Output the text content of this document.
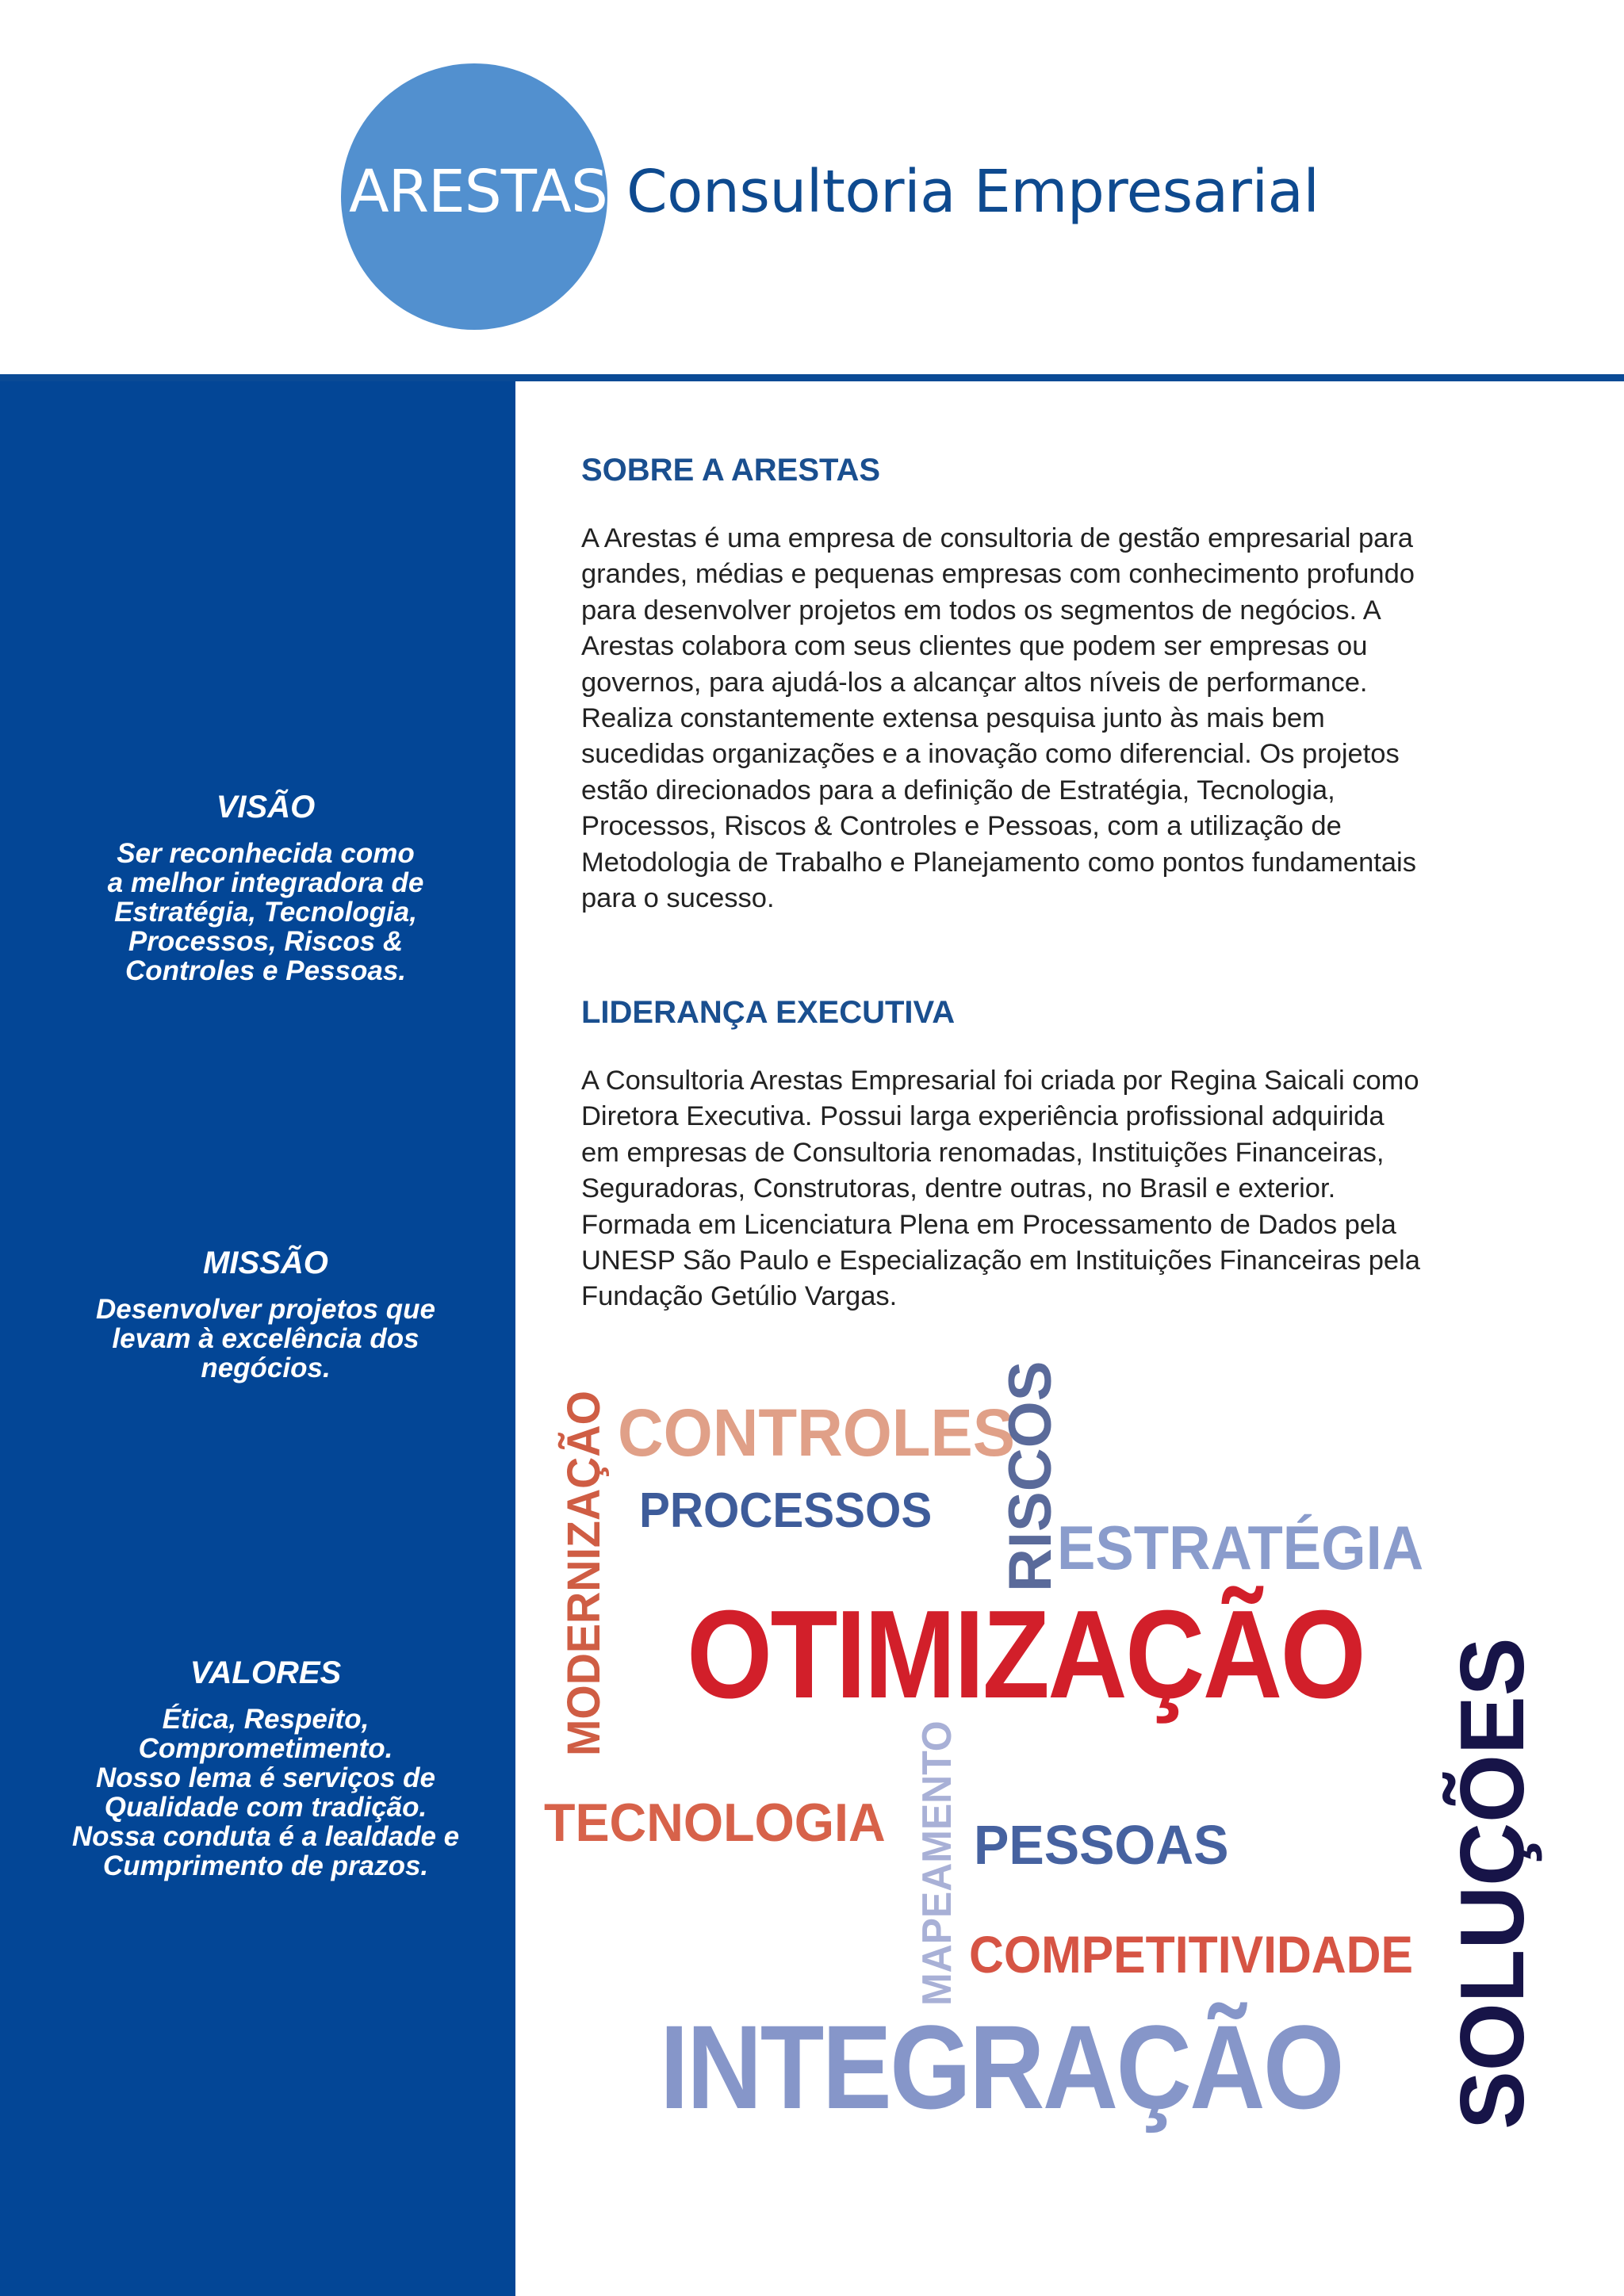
ARESTAS Consultoria Empresarial
VISÃO

Ser reconhecida como
a melhor integradora de
Estratégia, Tecnologia,
Processos, Riscos &
Controles e Pessoas.

MISSÃO

Desenvolver projetos que
levam à excelência dos
negócios.

VALORES

Ética, Respeito,
Comprometimento.
Nosso lema é serviços de
Qualidade com tradição.
Nossa conduta é a lealdade e
Cumprimento de prazos.

SOBRE A ARESTAS
A Arestas é uma empresa de consultoria de gestão empresarial para
grandes, médias e pequenas empresas com conhecimento profundo
para desenvolver projetos em todos os segmentos de negócios. A
Arestas colabora com seus clientes que podem ser empresas ou
governos, para ajudá-los a alcançar altos níveis de performance.
Realiza constantemente extensa pesquisa junto às mais bem
sucedidas organizações e a inovação como diferencial. Os projetos
estão direcionados para a definição de Estratégia, Tecnologia,
Processos, Riscos & Controles e Pessoas, com a utilização de
Metodologia de Trabalho e Planejamento como pontos fundamentais
para o sucesso.
LIDERANÇA EXECUTIVA
A Consultoria Arestas Empresarial foi criada por Regina Saicali como
Diretora Executiva. Possui larga experiência profissional adquirida
em empresas de Consultoria renomadas, Instituições Financeiras,
Seguradoras, Construtoras, dentre outras, no Brasil e exterior.
Formada em Licenciatura Plena em Processamento de Dados pela
UNESP São Paulo e Especialização em Instituições Financeiras pela
Fundação Getúlio Vargas.
CONTROLES
PROCESSOS RISCOS
ESTRATÉGIA
MODERNIZAÇÃO OTIMIZAÇÃO SOLUÇÕES
TECNOLOGIA MAPEAMENTO PESSOAS
COMPETITIVIDADE
INTEGRAÇÃO
